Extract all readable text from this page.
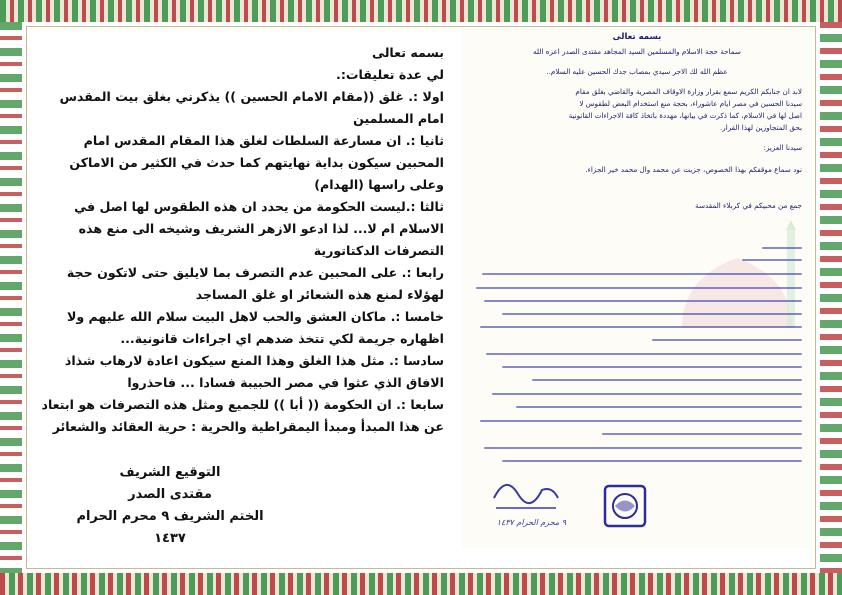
بسمه تعالى

لي عدة تعليقات:.

اولا :. غلق ((مقام الامام الحسين )) يذكرني بغلق بيت المقدس امام المسلمين

ثانيا :. ان مسارعة السلطات لغلق هذا المقام المقدس امام المحبين سيكون بداية نهايتهم كما حدث في الكثير من الاماكن وعلى راسها (الهدام)

ثالثا :.ليست الحكومة من يحدد ان هذه الطقوس لها اصل في الاسلام ام لا... لذا ادعو الازهر الشريف وشيخه الى منع هذه التصرفات الدكتاتورية

رابعا :. على المحبين عدم التصرف بما لايليق حتى لاتكون حجة لهؤلاء لمنع هذه الشعائر او غلق المساجد

خامسا :. ماكان العشق والحب لاهل البيت سلام الله عليهم ولا اظهاره جريمة لكي تتخذ ضدهم اي اجراءات قانونية...

سادسا :. مثل هذا الغلق وهذا المنع سيكون اعادة لارهاب شذاذ الافاق الذي عثوا في مصر الحبيبة فسادا ... فاحذروا

سابعا :. ان الحكومة (( أبا )) للجميع ومثل هذه التصرفات هو ابتعاد عن هذا المبدأ ومبدأ اليمقراطية والحرية : حرية العقائد والشعائر

التوقيع الشريف

مقتدى الصدر

الختم الشريف ٩ محرم الحرام ١٤٣٧

بسمه تعالى
سماحة حجة الاسلام والمسلمين السيد المجاهد مقتدى الصدر اعزه الله
عظم الله لك الاجر سيدي بمصاب جدك الحسين عليه السلام..
لابد ان جنابكم الكريم سمع بقرار وزارة الاوقاف المصرية والقاضي بغلق مقام
سيدنا الحسين في مصر ايام عاشوراء، بحجة منع استخدام البعض لطقوس لا
اصل لها في الاسلام، كما ذكرت في بيانها، مهددة باتخاذ كافة الاجراءات القانونية
بحق المتجاوزين لهذا القرار.
سيدنا العزيز:
نود سماع موقفكم بهذا الخصوص، جزيت عن محمد وال محمد خير الجزاء.
جمع من محبيكم في كربلاء المقدسة
٩ محرم الحرام ١٤٣٧
